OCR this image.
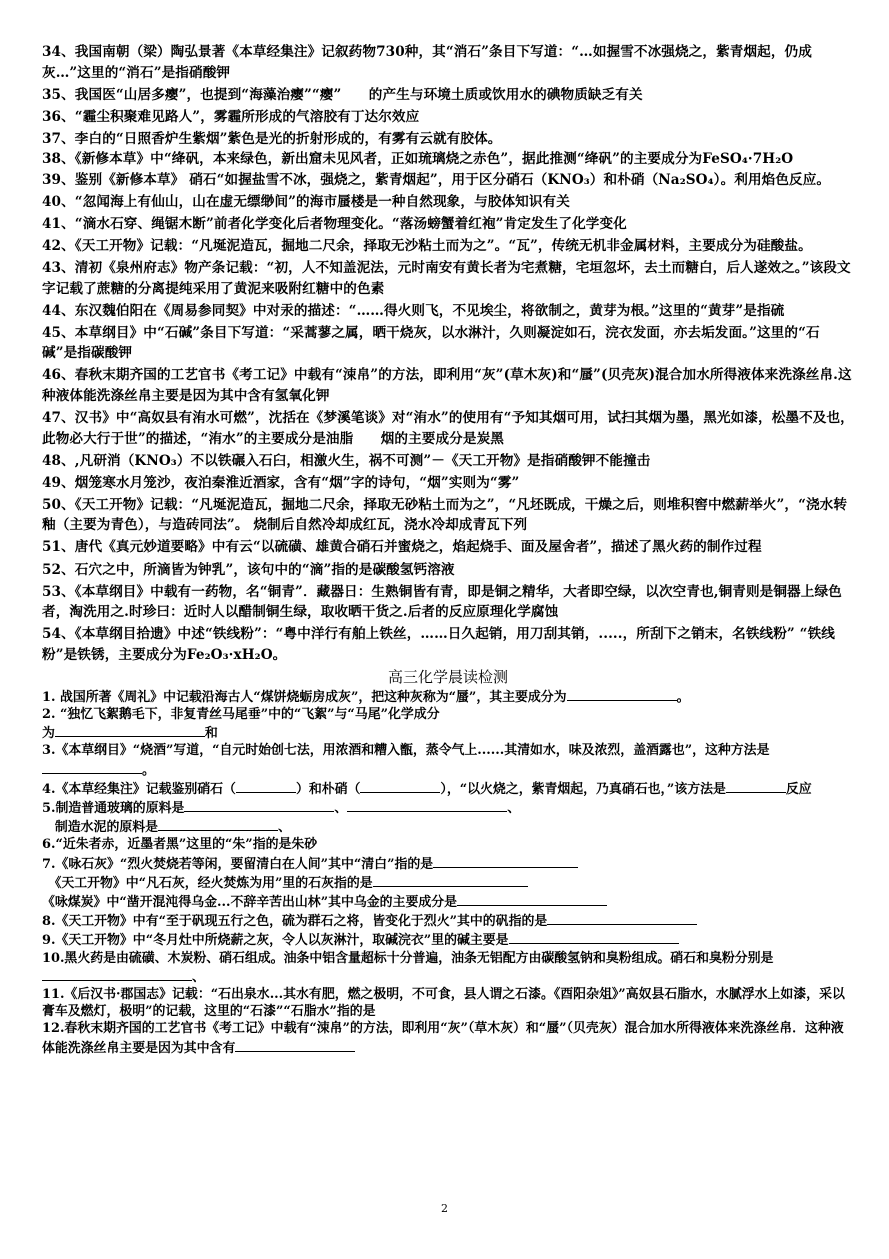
34、我国南朝（梁）陶弘景著《本草经集注》记叙药物730种，其“消石”条目下写道：“…如握雪不冰强烧之，紫青烟起，仍成灰…”这里的“消石”是指硝酸钾

35、我国医“山居多瘿”，也提到“海藻治瘿”“瘿”　　的产生与环境土质或饮用水的碘物质缺乏有关

36、“霾尘积聚难见路人”，雾霾所形成的气溶胶有丁达尔效应

37、李白的“日照香炉生紫烟”紫色是光的折射形成的，有雾有云就有胶体。

38、《新修本草》中“绛矾，本来绿色，新出窟未见风者，正如琉璃烧之赤色”，据此推测“绛矾”的主要成分为FeSO₄·7H₂O

39、鉴别《新修本草》 硝石“如握盐雪不冰，强烧之，紫青烟起”，用于区分硝石（KNO₃）和朴硝（Na₂SO₄）。利用焰色反应。

40、“忽闻海上有仙山，山在虚无缥缈间”的海市蜃楼是一种自然现象，与胶体知识有关

41、“滴水石穿、绳锯木断”前者化学变化后者物理变化。“落汤螃蟹着红袍”肯定发生了化学变化

42、《天工开物》记载：“凡埏泥造瓦，掘地二尺余，择取无沙粘土而为之”。“瓦”，传统无机非金属材料，主要成分为硅酸盐。

43、清初《泉州府志》物产条记载：“初，人不知盖泥法，元时南安有黄长者为宅煮糖，宅垣忽坏，去土而糖白，后人遂效之。”该段文字记载了蔗糖的分离提纯采用了黄泥来吸附红糖中的色素

44、东汉魏伯阳在《周易参同契》中对汞的描述：“……得火则飞，不见埃尘，将欲制之，黄芽为根。”这里的“黄芽”是指硫

45、本草纲目》中“石碱”条目下写道：“采蒿蓼之属，晒干烧灰，以水淋汁，久则凝淀如石，浣衣发面，亦去垢发面。”这里的“石碱”是指碳酸钾

46、春秋末期齐国的工艺官书《考工记》中载有“涑帛”的方法，即利用“灰”(草木灰)和“蜃”(贝壳灰)混合加水所得液体来洗涤丝帛.这种液体能洗涤丝帛主要是因为其中含有氢氧化钾

47、汉书》中“高奴县有洧水可燃”，沈括在《梦溪笔谈》对“洧水”的使用有“予知其烟可用，试扫其烟为墨，黑光如漆，松墨不及也，此物必大行于世”的描述，“洧水”的主要成分是油脂　　烟的主要成分是炭黑

48、,凡研消（KNO₃）不以铁碾入石臼，相激火生，祸不可测”－《天工开物》是指硝酸钾不能撞击

49、烟笼寒水月笼沙，夜泊秦淮近酒家，含有“烟”字的诗句，“烟”实则为“雾”

50、《天工开物》记载：“凡埏泥造瓦，掘地二尺余，择取无砂粘土而为之”，“凡坯既成，干燥之后，则堆积窖中燃薪举火”，“浇水转釉（主要为青色），与造砖同法”。 烧制后自然冷却成红瓦，浇水冷却成青瓦下列

51、唐代《真元妙道要略》中有云“以硫磺、雄黄合硝石并蜜烧之，焰起烧手、面及屋舍者”，描述了黑火药的制作过程

52、石穴之中，所滴皆为钟乳”，该句中的“滴”指的是碳酸氢钙溶液

53、《本草纲目》中载有一药物，名“铜青”．藏器日：生熟铜皆有青，即是铜之精华，大者即空绿，以次空青也,铜青则是铜器上绿色者，淘洗用之.时珍曰：近时人以醋制铜生绿，取收晒干货之.后者的反应原理化学腐蚀

54、《本草纲目拾遗》中述“铁线粉”：“粤中洋行有舶上铁丝，……日久起销，用刀刮其销，.....，所刮下之销末，名铁线粉” “铁线粉”是铁锈，主要成分为Fe₂O₃·xH₂O。

高三化学晨读检测

1. 战国所著《周礼》中记载沿海古人“煤饼烧蛎房成灰”，把这种灰称为“蜃”，其主要成分为	。

2. “独忆飞絮鹅毛下，非复青丝马尾垂”中的“飞絮”与“马尾”化学成分

为	和

3.《本草纲目》“烧酒”写道，“自元时始创七法，用浓酒和糟入甑，蒸令气上......其清如水，味及浓烈，盖酒露也”，这种方法是。

4.《本草经集注》记载鉴别硝石（	）和朴硝（	），“以火烧之，紫青烟起，乃真硝石也，”该方法是	反应

5.制造普通玻璃的原料是	、	、

　制造水泥的原料是	、

6.“近朱者赤，近墨者黑”这里的“朱”指的是朱砂

7.《咏石灰》“烈火焚烧若等闲，要留清白在人间”其中“清白”指的是

　《天工开物》中“凡石灰，经火焚炼为用”里的石灰指的是

《咏煤炭》中“凿开混沌得乌金...不辞辛苦出山林”其中乌金的主要成分是

8.《天工开物》中有“至于矾现五行之色，硫为群石之将，皆变化于烈火”其中的矾指的是

9.《天工开物》中“冬月灶中所烧薪之灰，令人以灰淋汁，取碱浣衣”里的碱主要是

10.黑火药是由硫磺、木炭粉、硝石组成。油条中铝含量超标十分普遍，油条无铝配方由碳酸氢钠和臭粉组成。硝石和臭粉分别是、

11.《后汉书·郡国志》记载：“石出泉水...其水有肥，燃之极明，不可食，县人谓之石漆。《酉阳杂俎》”高奴县石脂水，水腻浮水上如漆，采以膏车及燃灯，极明”的记载，这里的“石漆”“石脂水”指的是

12.春秋末期齐国的工艺官书《考工记》中载有“涑帛”的方法，即利用“灰”（草木灰）和“蜃”（贝壳灰）混合加水所得液体来洗涤丝帛．这种液体能洗涤丝帛主要是因为其中含有

2
